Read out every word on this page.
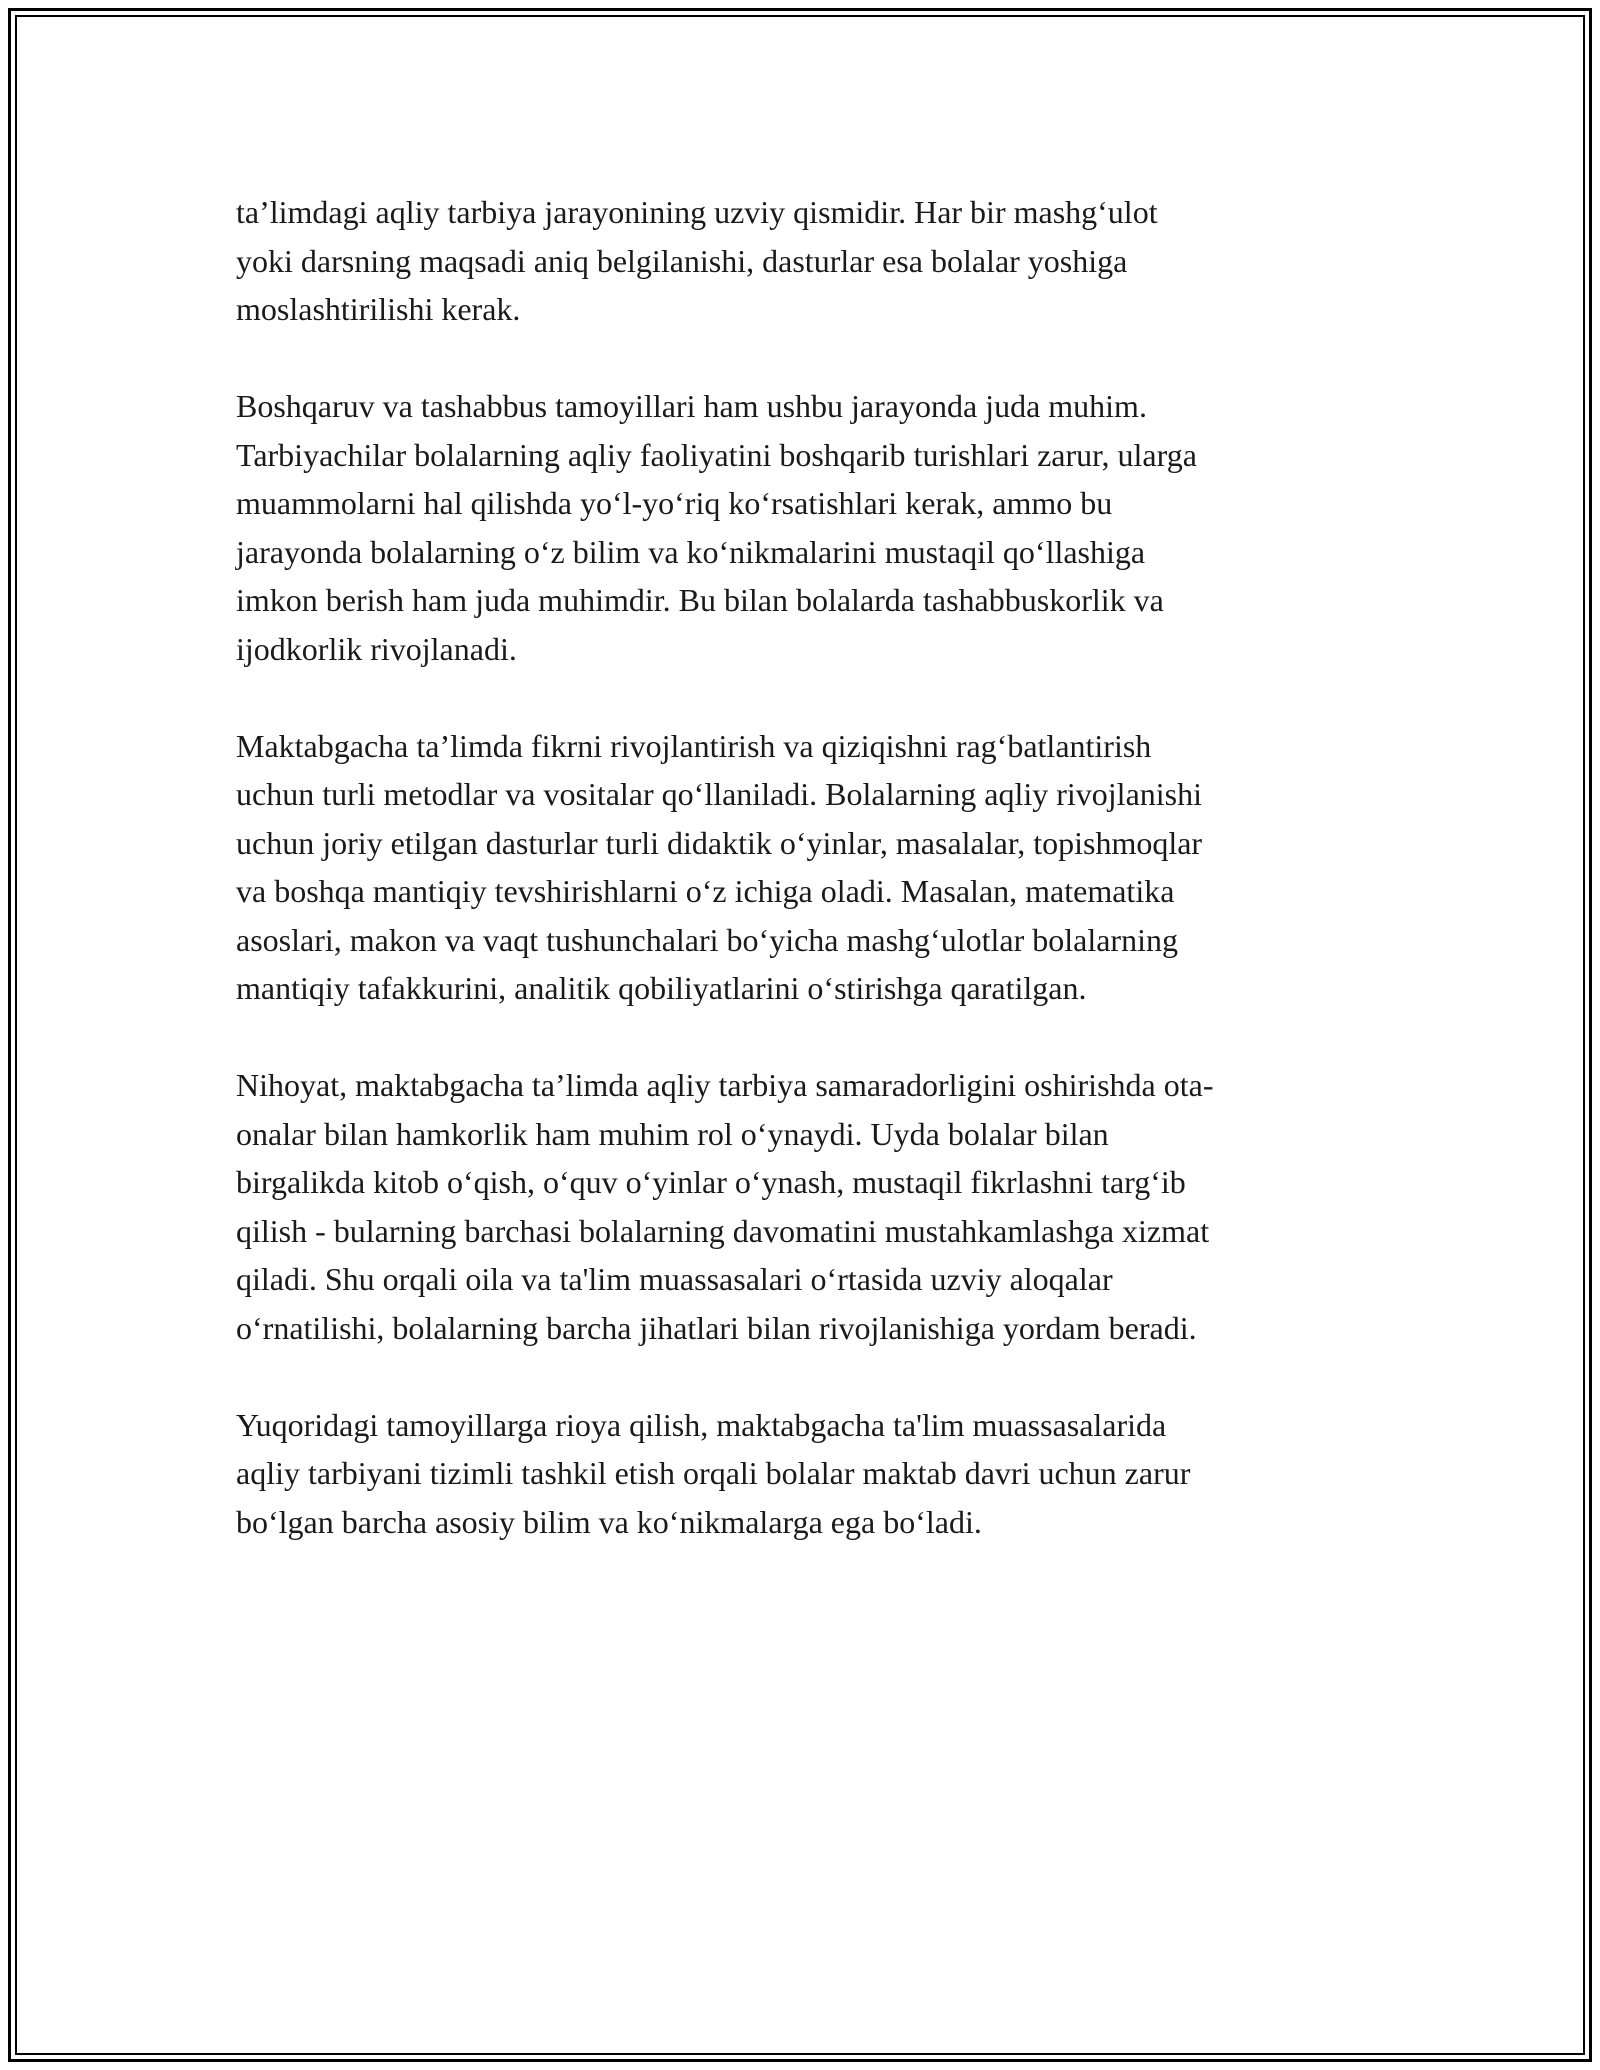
ta’limdagi aqliy tarbiya jarayonining uzviy qismidir. Har bir mashg‘ulot
yoki darsning maqsadi aniq belgilanishi, dasturlar esa bolalar yoshiga
moslashtirilishi kerak.

Boshqaruv va tashabbus tamoyillari ham ushbu jarayonda juda muhim.
Tarbiyachilar bolalarning aqliy faoliyatini boshqarib turishlari zarur, ularga
muammolarni hal qilishda yo‘l-yo‘riq ko‘rsatishlari kerak, ammo bu
jarayonda bolalarning o‘z bilim va ko‘nikmalarini mustaqil qo‘llashiga
imkon berish ham juda muhimdir. Bu bilan bolalarda tashabbuskorlik va
ijodkorlik rivojlanadi.

Maktabgacha ta’limda fikrni rivojlantirish va qiziqishni rag‘batlantirish
uchun turli metodlar va vositalar qo‘llaniladi. Bolalarning aqliy rivojlanishi
uchun joriy etilgan dasturlar turli didaktik o‘yinlar, masalalar, topishmoqlar
va boshqa mantiqiy tevshirishlarni o‘z ichiga oladi. Masalan, matematika
asoslari, makon va vaqt tushunchalari bo‘yicha mashg‘ulotlar bolalarning
mantiqiy tafakkurini, analitik qobiliyatlarini o‘stirishga qaratilgan.

Nihoyat, maktabgacha ta’limda aqliy tarbiya samaradorligini oshirishda ota-
onalar bilan hamkorlik ham muhim rol o‘ynaydi. Uyda bolalar bilan
birgalikda kitob o‘qish, o‘quv o‘yinlar o‘ynash, mustaqil fikrlashni targ‘ib
qilish - bularning barchasi bolalarning davomatini mustahkamlashga xizmat
qiladi. Shu orqali oila va ta'lim muassasalari o‘rtasida uzviy aloqalar
o‘rnatilishi, bolalarning barcha jihatlari bilan rivojlanishiga yordam beradi.

Yuqoridagi tamoyillarga rioya qilish, maktabgacha ta'lim muassasalarida
aqliy tarbiyani tizimli tashkil etish orqali bolalar maktab davri uchun zarur
bo‘lgan barcha asosiy bilim va ko‘nikmalarga ega bo‘ladi.
